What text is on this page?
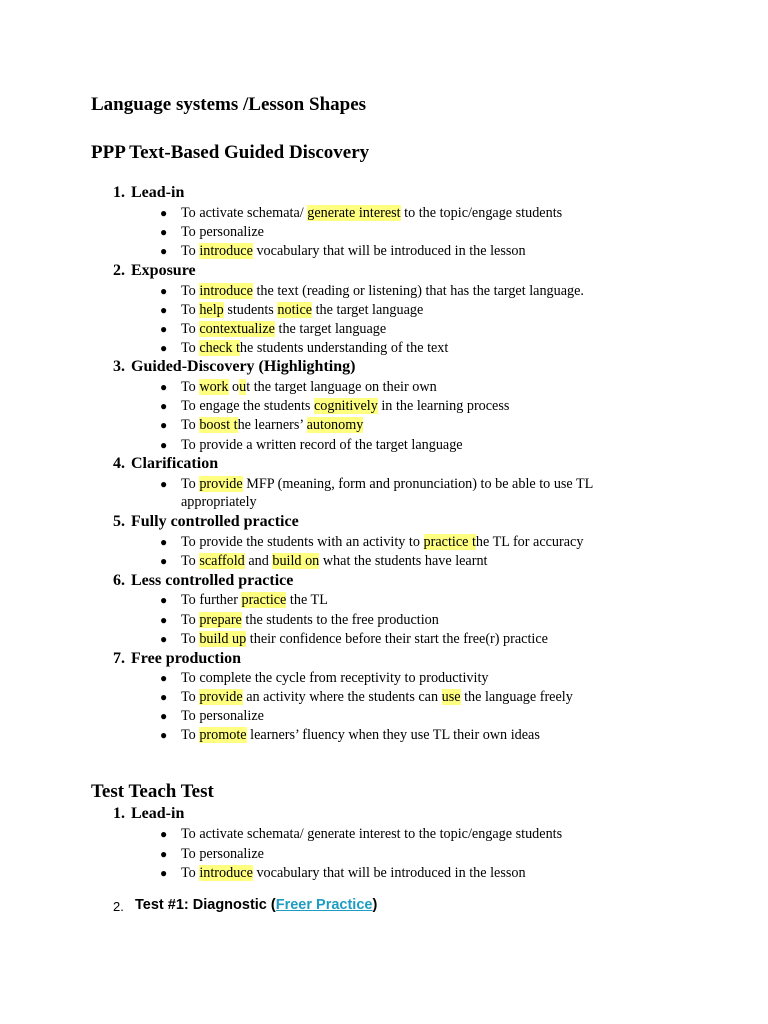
Language systems /Lesson Shapes
PPP Text-Based Guided Discovery
1. Lead-in
● To activate schemata/ generate interest to the topic/engage students
● To personalize
● To introduce vocabulary that will be introduced in the lesson
2. Exposure
● To introduce the text (reading or listening) that has the target language.
● To help students notice the target language
● To contextualize the target language
● To check the students understanding of the text
3. Guided-Discovery (Highlighting)
● To work out the target language on their own
● To engage the students cognitively in the learning process
● To boost the learners’ autonomy
● To provide a written record of the target language
4. Clarification
● To provide MFP (meaning, form and pronunciation) to be able to use TL
appropriately
5. Fully controlled practice
● To provide the students with an activity to practice the TL for accuracy
● To scaffold and build on what the students have learnt
6. Less controlled practice
● To further practice the TL
● To prepare the students to the free production
● To build up their confidence before their start the free(r) practice
7. Free production
● To complete the cycle from receptivity to productivity
● To provide an activity where the students can use the language freely
● To personalize
● To promote learners’ fluency when they use TL their own ideas
Test Teach Test
1. Lead-in
● To activate schemata/ generate interest to the topic/engage students
● To personalize
● To introduce vocabulary that will be introduced in the lesson
2. Test #1: Diagnostic (Freer Practice)
